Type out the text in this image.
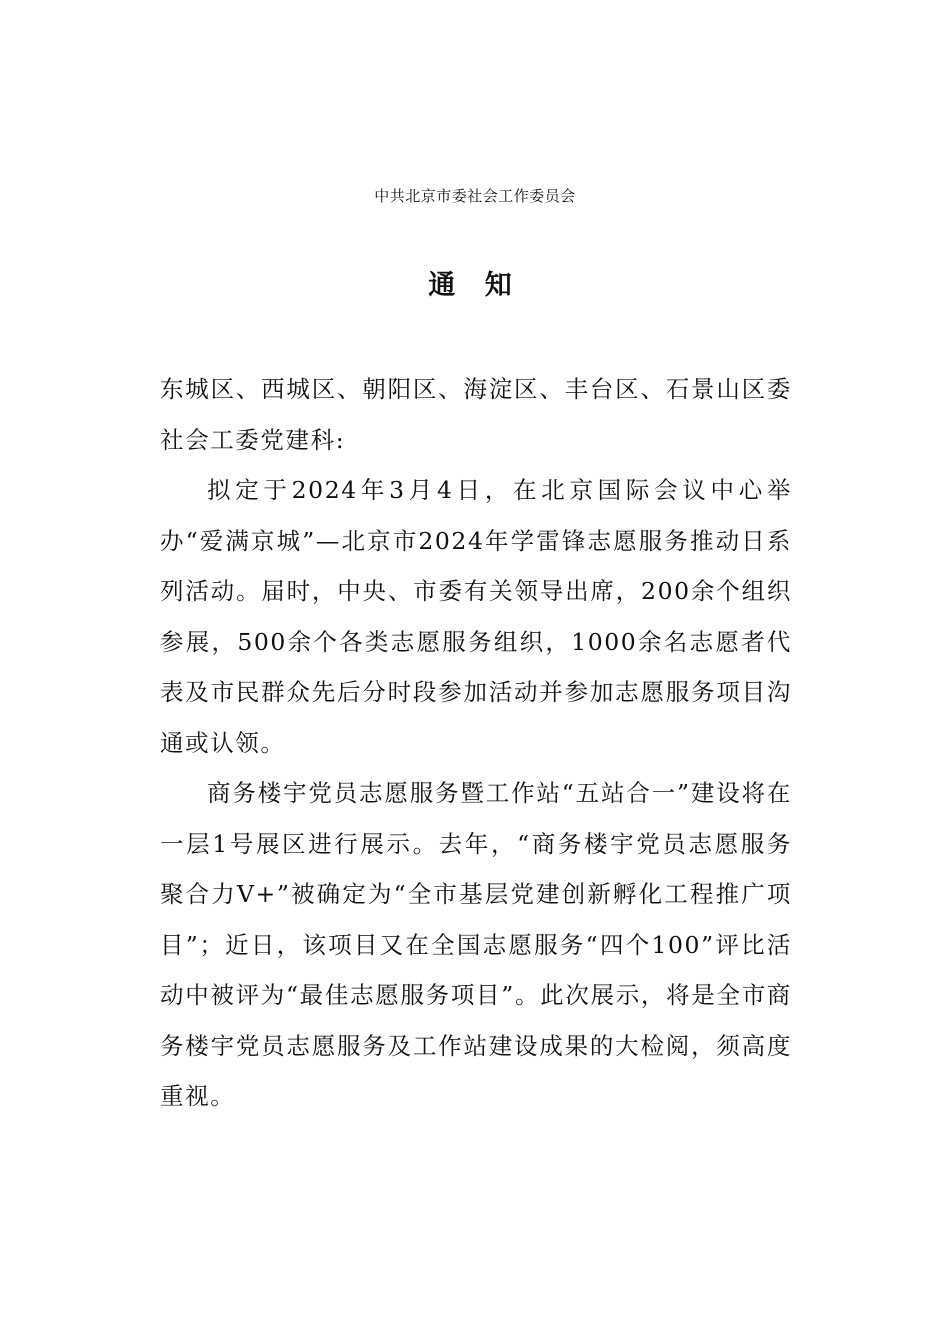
中共北京市委社会工作委员会
通 知

东城区、西城区、朝阳区、海淀区、丰台区、石景山区委社会工委党建科:

拟定于2024年3月4日，在北京国际会议中心举办“爱满京城”—北京市2024年学雷锋志愿服务推动日系列活动。届时，中央、市委有关领导出席，200余个组织参展，500余个各类志愿服务组织，1000余名志愿者代表及市民群众先后分时段参加活动并参加志愿服务项目沟通或认领。

商务楼宇党员志愿服务暨工作站“五站合一”建设将在一层1号展区进行展示。去年，“商务楼宇党员志愿服务聚合力V+”被确定为“全市基层党建创新孵化工程推广项目”；近日，该项目又在全国志愿服务“四个100”评比活动中被评为“最佳志愿服务项目”。此次展示，将是全市商务楼宇党员志愿服务及工作站建设成果的大检阅，须高度重视。
